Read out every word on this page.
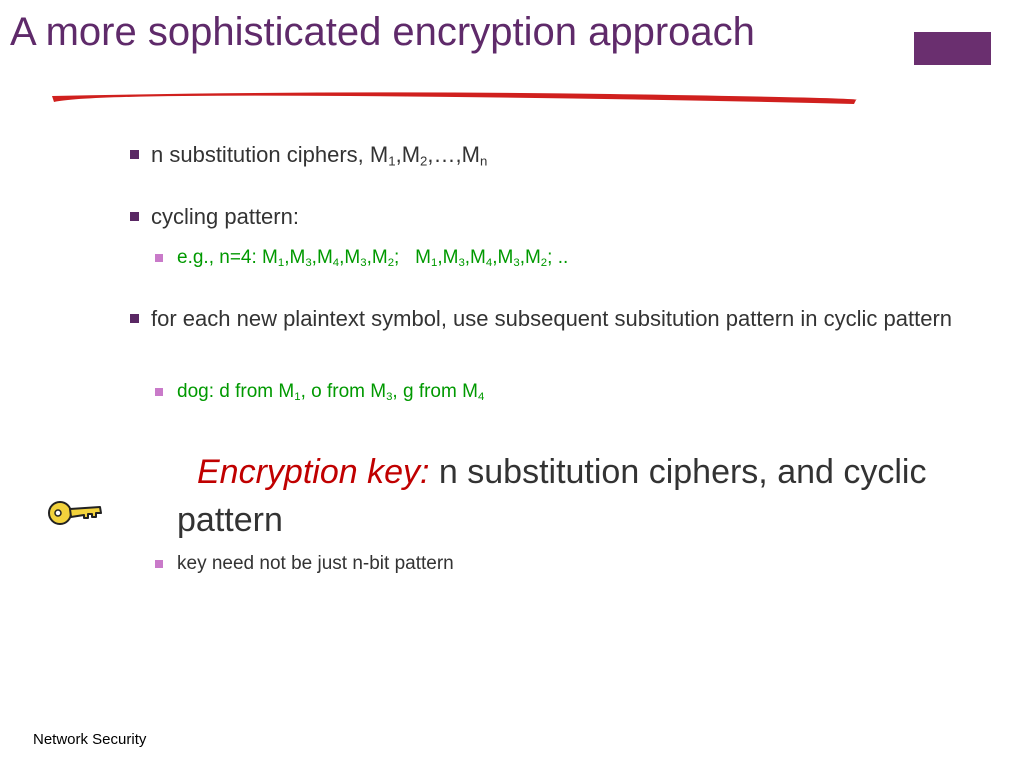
A more sophisticated encryption approach
n substitution ciphers, $M_1,M_2,\dots,M_n$
cycling pattern:
e.g., n=4: $M_1,M_3,M_4,M_3,M_2$;   $M_1,M_3,M_4,M_3,M_2$; ..
for each new plaintext symbol, use subsequent subsitution pattern in cyclic pattern
dog: d from $M_1$, o from $M_3$, g from $M_4$
Encryption key: n substitution ciphers, and cyclic pattern
key need not be just n-bit pattern
Network Security
